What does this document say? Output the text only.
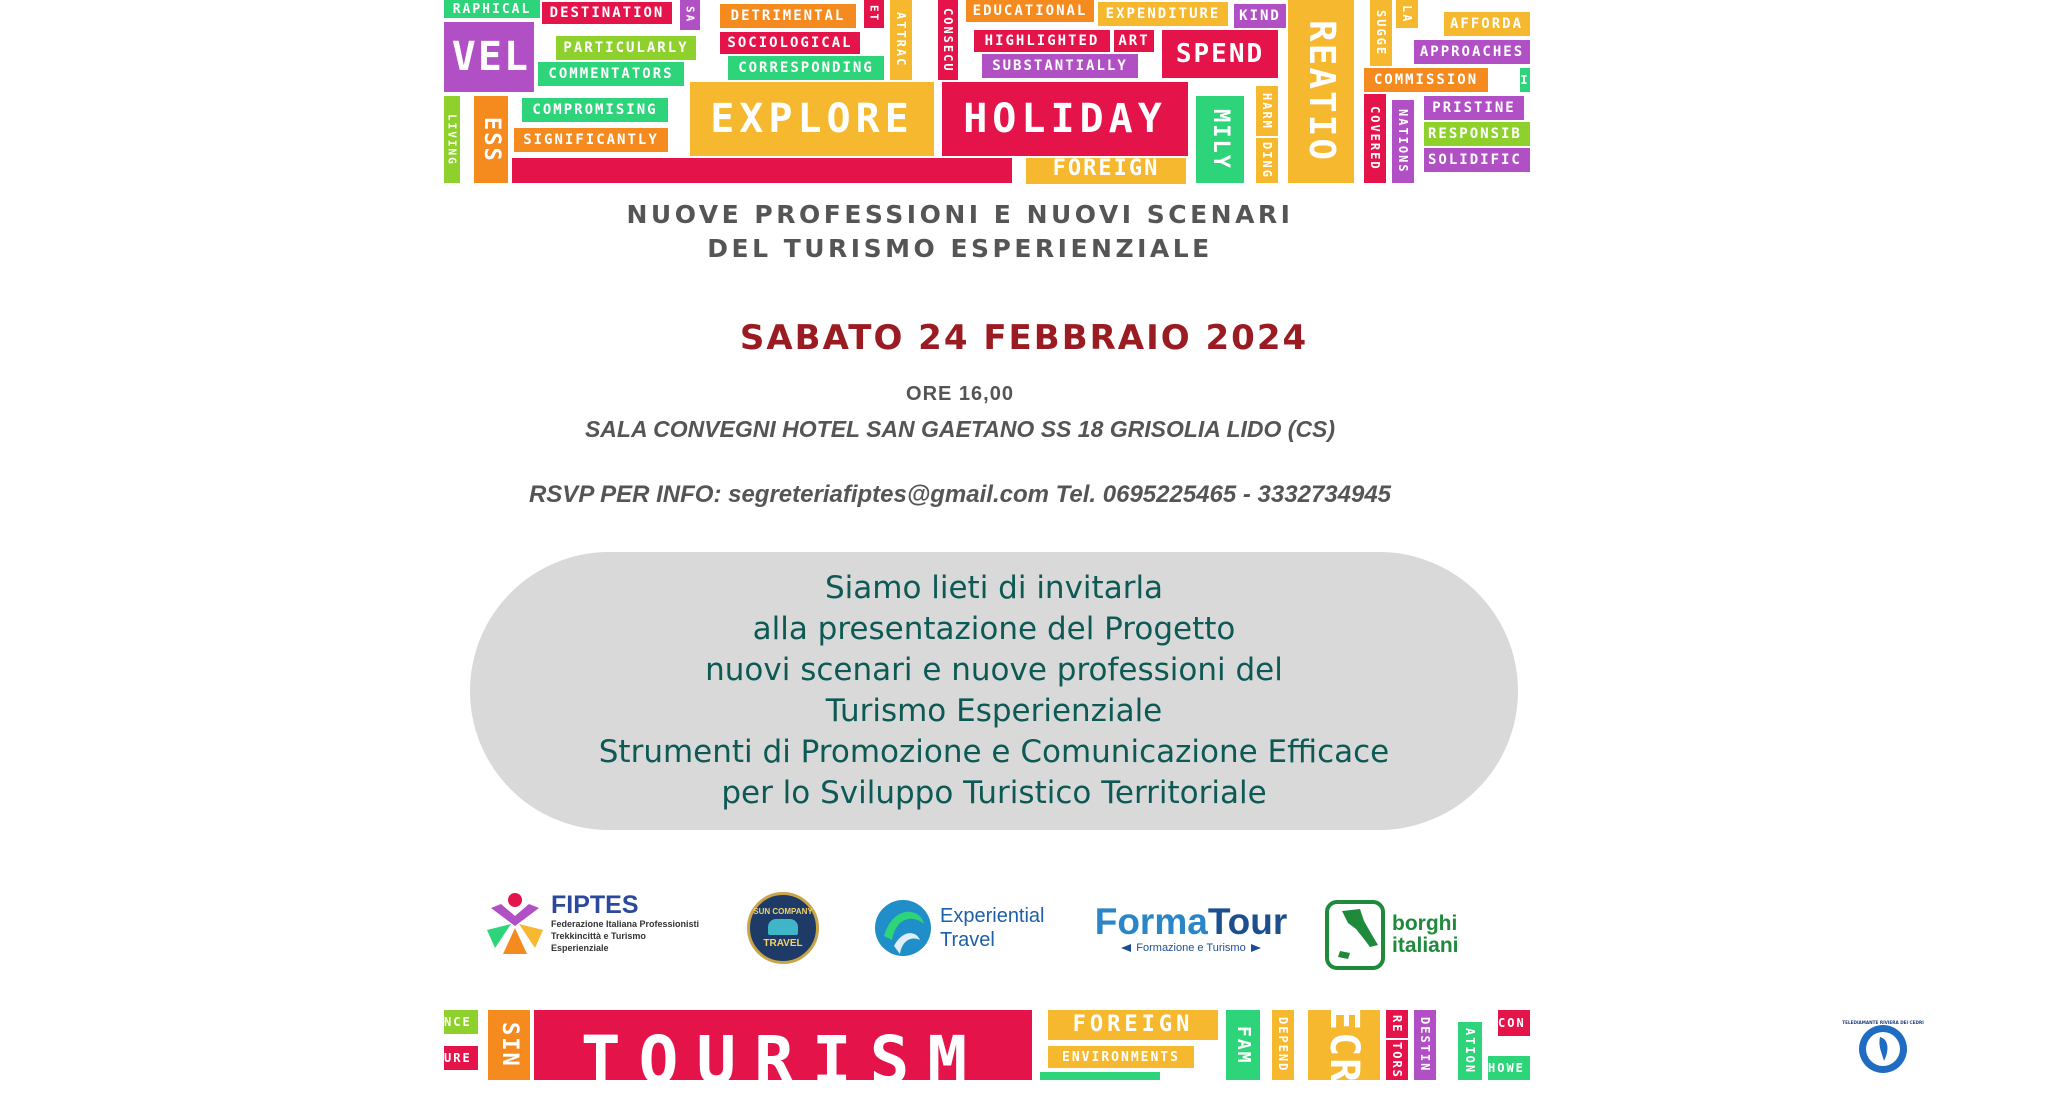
RAPHICAL	DESTINATION	SA	DETRIMENTAL	ET	ATTRAC	CONSECU	EDUCATIONAL	EXPENDITURE	KIND	AFFORDA
VEL	PARTICULARLY	SOCIOLOGICAL	HIGHLIGHTED	ART	SPEND	REATIO	SUGGE	LA
APPROACHES
COMMENTATORS	CORRESPONDING	SUBSTANTIALLY
COMMISSION	I
COMPROMISING	EXPLORE	HOLIDAY	MILY	HARM	PRISTINE
ESS	SIGNIFICANTLY
LIVING	DING	COVERED	NATIONS RESPONSIB
SOLIDIFIC
FOREIGN

NUOVE PROFESSIONI E NUOVI SCENARI

DEL TURISMO ESPERIENZIALE

SABATO 24 FEBBRAIO 2024

ORE 16,00

SALA CONVEGNI HOTEL SAN GAETANO SS 18 GRISOLIA LIDO (CS)

RSVP PER INFO: segreteriafiptes@gmail.com Tel. 0695225465 - 3332734945

Siamo lieti di invitarla

alla presentazione del Progetto

nuovi scenari e nuove professioni del

Turismo Esperienziale

Strumenti di Promozione e Comunicazione Efficace

per lo Sviluppo Turistico Territoriale

FIPTES
Federazione Italiana Professionisti
Trekkincittà e Turismo Esperienziale
SUN COMPANY
TRAVEL
Experiential
Travel	FormaTour
Formazione e Turismo
borghi
italiani
NCE
URE	SIN TOURISM	FOREIGN
ENVIRONMENTS	FAM	DEPEND ECR	RE
TORS	DESTIN	CON
HOWE
ATION
TELEDIAMANTE RIVIERA DEI CEDRI
